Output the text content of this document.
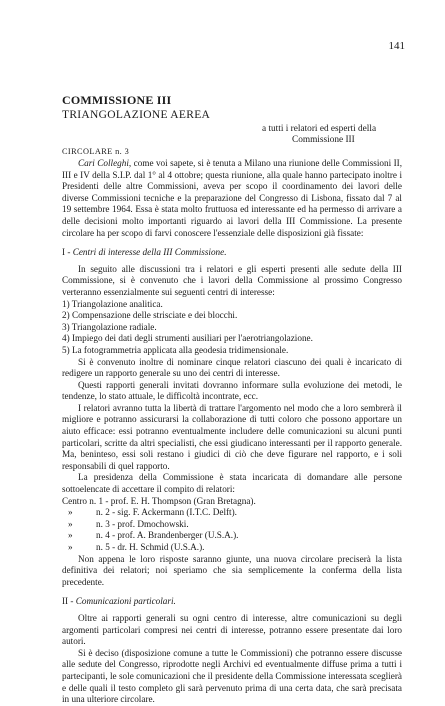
141
COMMISSIONE III
TRIANGOLAZIONE AEREA
a tutti i relatori ed esperti della
Commissione III
CIRCOLARE n. 3

Cari Colleghi, come voi sapete, si è tenuta a Milano una riunione delle Commissioni II, III e IV della S.I.P. dal 1° al 4 ottobre; questa riunione, alla quale hanno partecipato inoltre i Presidenti delle altre Commissioni, aveva per scopo il coordinamento dei lavori delle diverse Commissioni tecniche e la preparazione del Congresso di Lisbona, fissato dal 7 al 19 settembre 1964. Essa è stata molto fruttuosa ed interessante ed ha permesso di arrivare a delle decisioni molto importanti riguardo ai lavori della III Commissione. La presente circolare ha per scopo di farvi conoscere l'essenziale delle disposizioni già fissate:

I - Centri di interesse della III Commissione.

In seguito alle discussioni tra i relatori e gli esperti presenti alle sedute della III Commissione, si è convenuto che i lavori della Commissione al prossimo Congresso verteranno essenzialmente sui seguenti centri di interesse:

1) Triangolazione analitica.
2) Compensazione delle strisciate e dei blocchi.
3) Triangolazione radiale.
4) Impiego dei dati degli strumenti ausiliari per l'aerotriangolazione.
5) La fotogrammetria applicata alla geodesia tridimensionale.

Si è convenuto inoltre di nominare cinque relatori ciascuno dei quali è incaricato di redigere un rapporto generale su uno dei centri di interesse.

Questi rapporti generali invitati dovranno informare sulla evoluzione dei metodi, le tendenze, lo stato attuale, le difficoltà incontrate, ecc.

I relatori avranno tutta la libertà di trattare l'argomento nel modo che a loro sembrerà il migliore e potranno assicurarsi la collaborazione di tutti coloro che possono apportare un aiuto efficace: essi potranno eventualmente includere delle comunicazioni su alcuni punti particolari, scritte da altri specialisti, che essi giudicano interessanti per il rapporto generale. Ma, beninteso, essi soli restano i giudici di ciò che deve figurare nel rapporto, e i soli responsabili di quel rapporto.

La presidenza della Commissione è stata incaricata di domandare alle persone sottoelencate di accettare il compito di relatori:

Centro n. 1 - prof. E. H. Thompson (Gran Bretagna).
»	n. 2 - sig. F. Ackermann (I.T.C. Delft).
»	n. 3 - prof. Dmochowski.
»	n. 4 - prof. A. Brandenberger (U.S.A.).
»	n. 5 - dr. H. Schmid (U.S.A.).

Non appena le loro risposte saranno giunte, una nuova circolare preciserà la lista definitiva dei relatori; noi speriamo che sia semplicemente la conferma della lista precedente.

II - Comunicazioni particolari.

Oltre ai rapporti generali su ogni centro di interesse, altre comunicazioni su degli argomenti particolari compresi nei centri di interesse, potranno essere presentate dai loro autori.

Si è deciso (disposizione comune a tutte le Commissioni) che potranno essere discusse alle sedute del Congresso, riprodotte negli Archivi ed eventualmente diffuse prima a tutti i partecipanti, le sole comunicazioni che il presidente della Commissione interessata sceglierà e delle quali il testo completo gli sarà pervenuto prima di una certa data, che sarà precisata in una ulteriore circolare.
